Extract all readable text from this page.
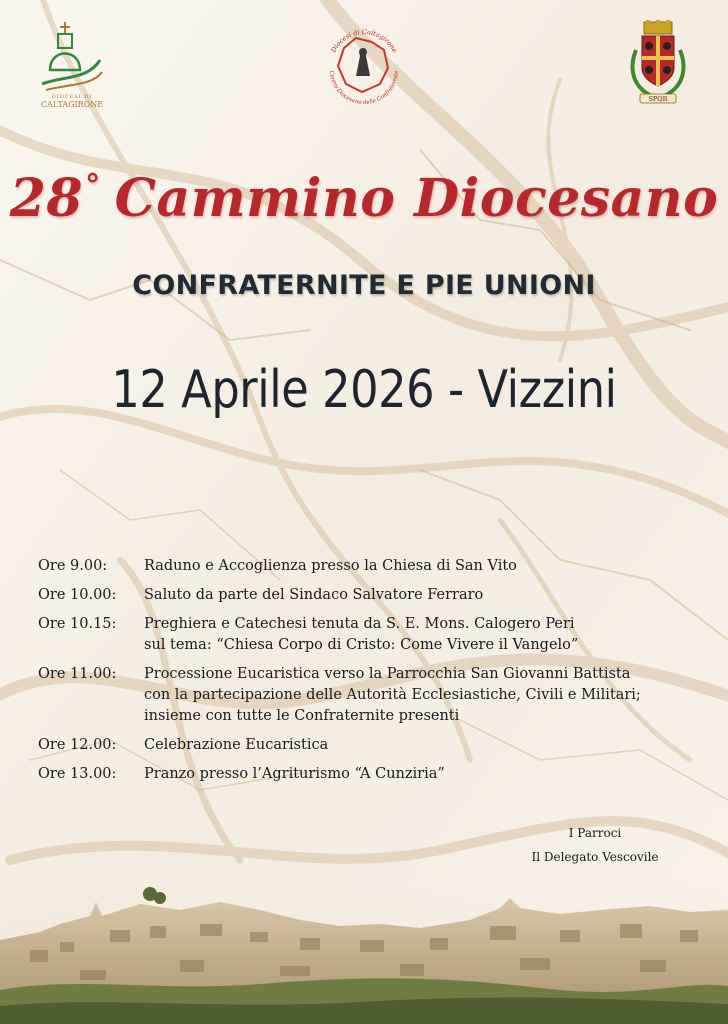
DIOCESI DI
CALTAGIRONE
Diocesi di Caltagirone
Centro Diocesano delle Confraternite
SPQR
28° Cammino Diocesano
CONFRATERNITE E PIE UNIONI
12 Aprile 2026 - Vizzini
Ore 9.00:	Raduno e Accoglienza presso la Chiesa di San Vito
Ore 10.00:	Saluto da parte del Sindaco Salvatore Ferraro
Ore 10.15:	Preghiera e Catechesi tenuta da S. E. Mons. Calogero Peri
sul tema: “Chiesa Corpo di Cristo: Come Vivere il Vangelo”
Ore 11.00:	Processione Eucaristica verso la Parrocchia San Giovanni Battista
con la partecipazione delle Autorità Ecclesiastiche, Civili e Militari;
insieme con tutte le Confraternite presenti
Ore 12.00:	Celebrazione Eucaristica
Ore 13.00:	Pranzo presso l’Agriturismo “A Cunziria”
I Parroci
Il Delegato Vescovile
